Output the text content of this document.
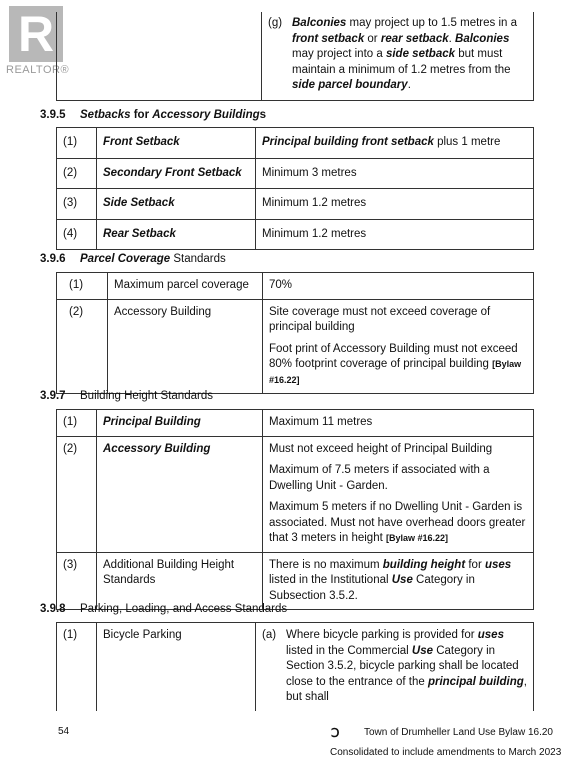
R
REALTOR®

(g) Balconies may project up to 1.5 metres in a front setback or rear setback. Balconies may project into a side setback but must maintain a minimum of 1.2 metres from the side parcel boundary.
3.9.5 Setbacks for Accessory Buildings
(1)	Front Setback	Principal building front setback plus 1 metre
(2)	Secondary Front Setback	Minimum 3 metres
(3)	Side Setback	Minimum 1.2 metres
(4)	Rear Setback	Minimum 1.2 metres
3.9.6 Parcel Coverage Standards
(1)	Maximum parcel coverage	70%
(2)	Accessory Building	Site coverage must not exceed coverage of principal building
Foot print of Accessory Building must not exceed 80% footprint coverage of principal building [Bylaw #16.22]
3.9.7 Building Height Standards
(1)	Principal Building	Maximum 11 metres
(2)	Accessory Building	Must not exceed height of Principal Building
Maximum of 7.5 meters if associated with a Dwelling Unit - Garden.
Maximum 5 meters if no Dwelling Unit - Garden is associated. Must not have overhead doors greater that 3 meters in height [Bylaw #16.22]

(3)	Additional Building Height Standards	There is no maximum building height for uses listed in the Institutional Use Category in Subsection 3.5.2.
3.9.8 Parking, Loading, and Access Standards
(1)	Bicycle Parking	(a) Where bicycle parking is provided for uses listed in the Commercial Use Category in Section 3.5.2, bicycle parking shall be located close to the entrance of the principal building, but shall
54	Ↄ Town of Drumheller Land Use Bylaw 16.20
Consolidated to include amendments to March 2023
